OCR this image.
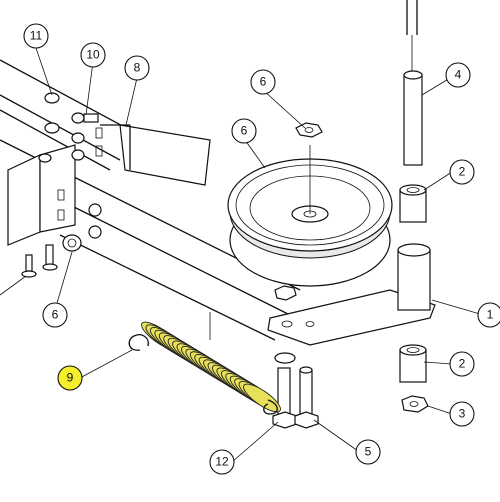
1
2
2
3
4
5
6
6
6
8
9
10
11
12
